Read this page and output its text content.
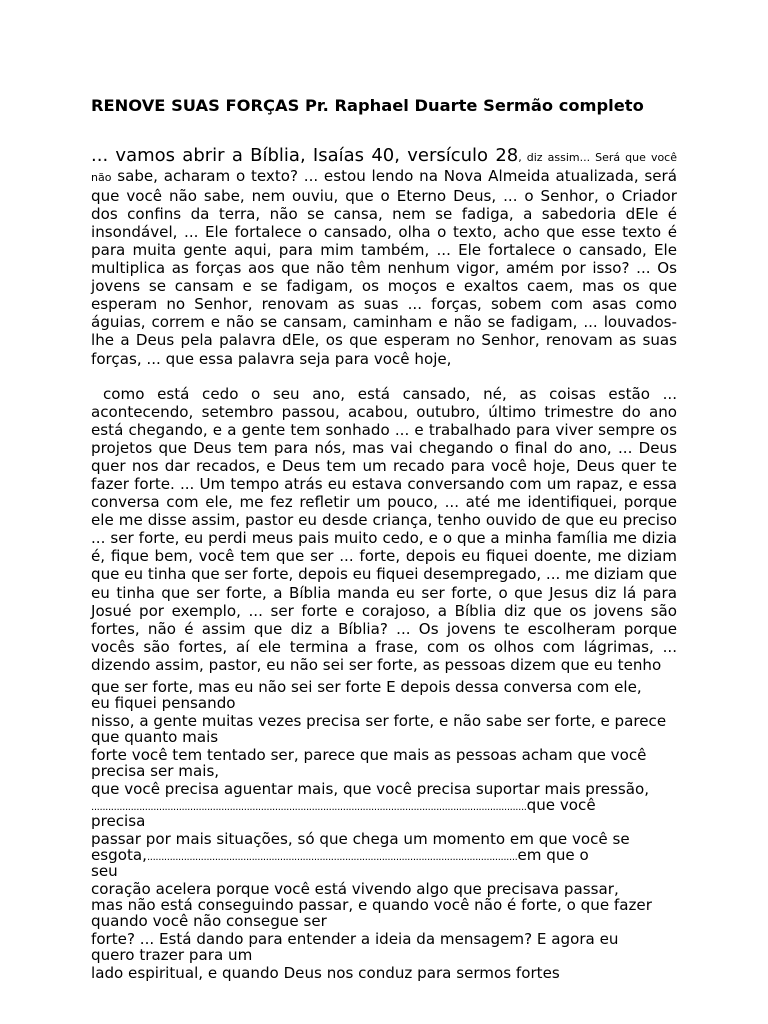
RENOVE SUAS FORÇAS Pr. Raphael Duarte Sermão completo

... vamos abrir a Bíblia, Isaías 40, versículo 28, diz assim... Será que você não sabe, acharam o texto? ... estou lendo na Nova Almeida atualizada, será que você não sabe, nem ouviu, que o Eterno Deus, ... o Senhor, o Criador dos confins da terra, não se cansa, nem se fadiga, a sabedoria dEle é insondável, ... Ele fortalece o cansado, olha o texto, acho que esse texto é para muita gente aqui, para mim também, ... Ele fortalece o cansado, Ele multiplica as forças aos que não têm nenhum vigor, amém por isso? ... Os jovens se cansam e se fadigam, os moços e exaltos caem, mas os que esperam no Senhor, renovam as suas ... forças, sobem com asas como águias, correm e não se cansam, caminham e não se fadigam, ... louvados-lhe a Deus pela palavra dEle, os que esperam no Senhor, renovam as suas forças, ... que essa palavra seja para você hoje,

como está cedo o seu ano, está cansado, né, as coisas estão ... acontecendo, setembro passou, acabou, outubro, último trimestre do ano está chegando, e a gente tem sonhado ... e trabalhado para viver sempre os projetos que Deus tem para nós, mas vai chegando o final do ano, ... Deus quer nos dar recados, e Deus tem um recado para você hoje, Deus quer te fazer forte. ... Um tempo atrás eu estava conversando com um rapaz, e essa conversa com ele, me fez refletir um pouco, ... até me identifiquei, porque ele me disse assim, pastor eu desde criança, tenho ouvido de que eu preciso ... ser forte, eu perdi meus pais muito cedo, e o que a minha família me dizia é, fique bem, você tem que ser ... forte, depois eu fiquei doente, me diziam que eu tinha que ser forte, depois eu fiquei desempregado, ... me diziam que eu tinha que ser forte, a Bíblia manda eu ser forte, o que Jesus diz lá para Josué por exemplo, ... ser forte e corajoso, a Bíblia diz que os jovens são fortes, não é assim que diz a Bíblia? ... Os jovens te escolheram porque vocês são fortes, aí ele termina a frase, com os olhos com lágrimas, ... dizendo assim, pastor, eu não sei ser forte, as pessoas dizem que eu tenho

que ser forte, mas eu não sei ser forte E depois dessa conversa com ele,
eu fiquei pensando
nisso, a gente muitas vezes precisa ser forte, e não sabe ser forte, e parece
que quanto mais
forte você tem tentado ser, parece que mais as pessoas acham que você
precisa ser mais,
que você precisa aguentar mais, que você precisa suportar mais pressão,
..........................................................................................................................................................que você
precisa
passar por mais situações, só que chega um momento em que você se
esgota,...................................................................................................................................em que o
seu
coração acelera porque você está vivendo algo que precisava passar,
mas não está conseguindo passar, e quando você não é forte, o que fazer
quando você não consegue ser
forte? ... Está dando para entender a ideia da mensagem? E agora eu
quero trazer para um
lado espiritual, e quando Deus nos conduz para sermos fortes
